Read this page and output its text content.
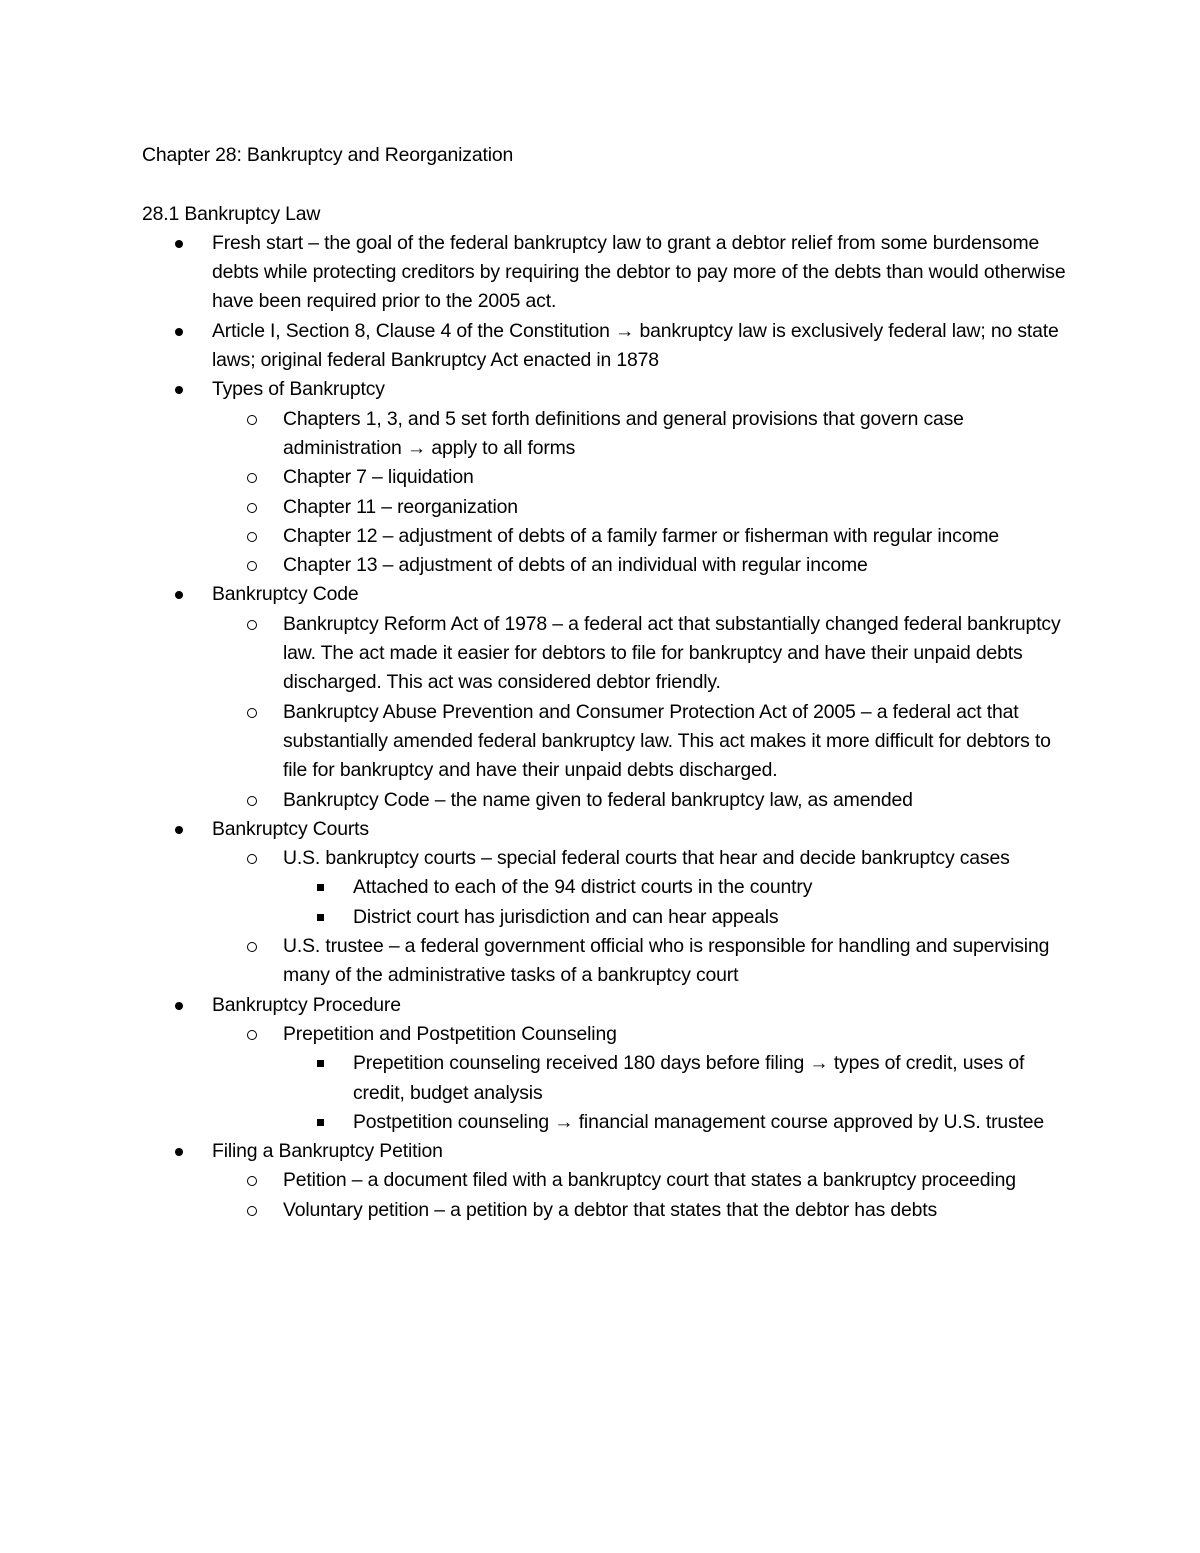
Chapter 28: Bankruptcy and Reorganization
28.1 Bankruptcy Law
Fresh start – the goal of the federal bankruptcy law to grant a debtor relief from some burdensome debts while protecting creditors by requiring the debtor to pay more of the debts than would otherwise have been required prior to the 2005 act.
Article I, Section 8, Clause 4 of the Constitution → bankruptcy law is exclusively federal law; no state laws; original federal Bankruptcy Act enacted in 1878
Types of Bankruptcy
Chapters 1, 3, and 5 set forth definitions and general provisions that govern case administration → apply to all forms
Chapter 7 – liquidation
Chapter 11 – reorganization
Chapter 12 – adjustment of debts of a family farmer or fisherman with regular income
Chapter 13 – adjustment of debts of an individual with regular income
Bankruptcy Code
Bankruptcy Reform Act of 1978 – a federal act that substantially changed federal bankruptcy law. The act made it easier for debtors to file for bankruptcy and have their unpaid debts discharged. This act was considered debtor friendly.
Bankruptcy Abuse Prevention and Consumer Protection Act of 2005 – a federal act that substantially amended federal bankruptcy law. This act makes it more difficult for debtors to file for bankruptcy and have their unpaid debts discharged.
Bankruptcy Code – the name given to federal bankruptcy law, as amended
Bankruptcy Courts
U.S. bankruptcy courts – special federal courts that hear and decide bankruptcy cases
Attached to each of the 94 district courts in the country
District court has jurisdiction and can hear appeals
U.S. trustee – a federal government official who is responsible for handling and supervising many of the administrative tasks of a bankruptcy court
Bankruptcy Procedure
Prepetition and Postpetition Counseling
Prepetition counseling received 180 days before filing → types of credit, uses of credit, budget analysis
Postpetition counseling → financial management course approved by U.S. trustee
Filing a Bankruptcy Petition
Petition – a document filed with a bankruptcy court that states a bankruptcy proceeding
Voluntary petition – a petition by a debtor that states that the debtor has debts
